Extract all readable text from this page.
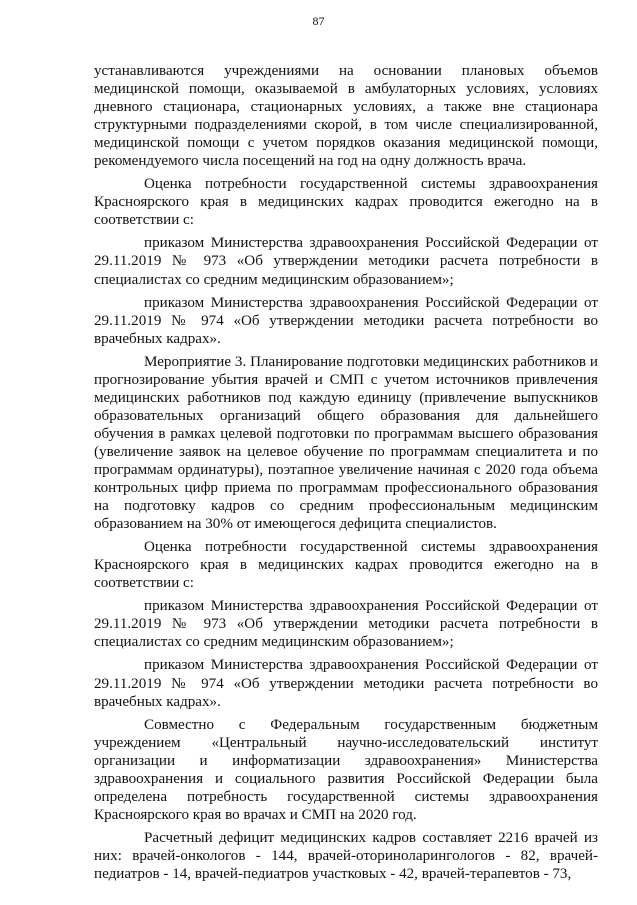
87

устанавливаются учреждениями на основании плановых объемов медицинской помощи, оказываемой в амбулаторных условиях, условиях дневного стационара, стационарных условиях, а также вне стационара структурными подразделениями скорой, в том числе специализированной, медицинской помощи с учетом порядков оказания медицинской помощи, рекомендуемого числа посещений на год на одну должность врача.

Оценка потребности государственной системы здравоохранения Красноярского края в медицинских кадрах проводится ежегодно на в соответствии с:

приказом Министерства здравоохранения Российской Федерации от 29.11.2019 № 973 «Об утверждении методики расчета потребности в специалистах со средним медицинским образованием»;

приказом Министерства здравоохранения Российской Федерации от 29.11.2019 № 974 «Об утверждении методики расчета потребности во врачебных кадрах».

Мероприятие 3. Планирование подготовки медицинских работников и прогнозирование убытия врачей и СМП с учетом источников привлечения медицинских работников под каждую единицу (привлечение выпускников образовательных организаций общего образования для дальнейшего обучения в рамках целевой подготовки по программам высшего образования (увеличение заявок на целевое обучение по программам специалитета и по программам ординатуры), поэтапное увеличение начиная с 2020 года объема контрольных цифр приема по программам профессионального образования на подготовку кадров со средним профессиональным медицинским образованием на 30% от имеющегося дефицита специалистов.

Оценка потребности государственной системы здравоохранения Красноярского края в медицинских кадрах проводится ежегодно на в соответствии с:

приказом Министерства здравоохранения Российской Федерации от 29.11.2019 № 973 «Об утверждении методики расчета потребности в специалистах со средним медицинским образованием»;

приказом Министерства здравоохранения Российской Федерации от 29.11.2019 № 974 «Об утверждении методики расчета потребности во врачебных кадрах».

Совместно с Федеральным государственным бюджетным учреждением «Центральный научно-исследовательский институт организации и информатизации здравоохранения» Министерства здравоохранения и социального развития Российской Федерации была определена потребность государственной системы здравоохранения Красноярского края во врачах и СМП на 2020 год.

Расчетный дефицит медицинских кадров составляет 2216 врачей из них: врачей-онкологов - 144, врачей-оториноларингологов - 82, врачей-педиатров - 14, врачей-педиатров участковых - 42, врачей-терапевтов - 73,
